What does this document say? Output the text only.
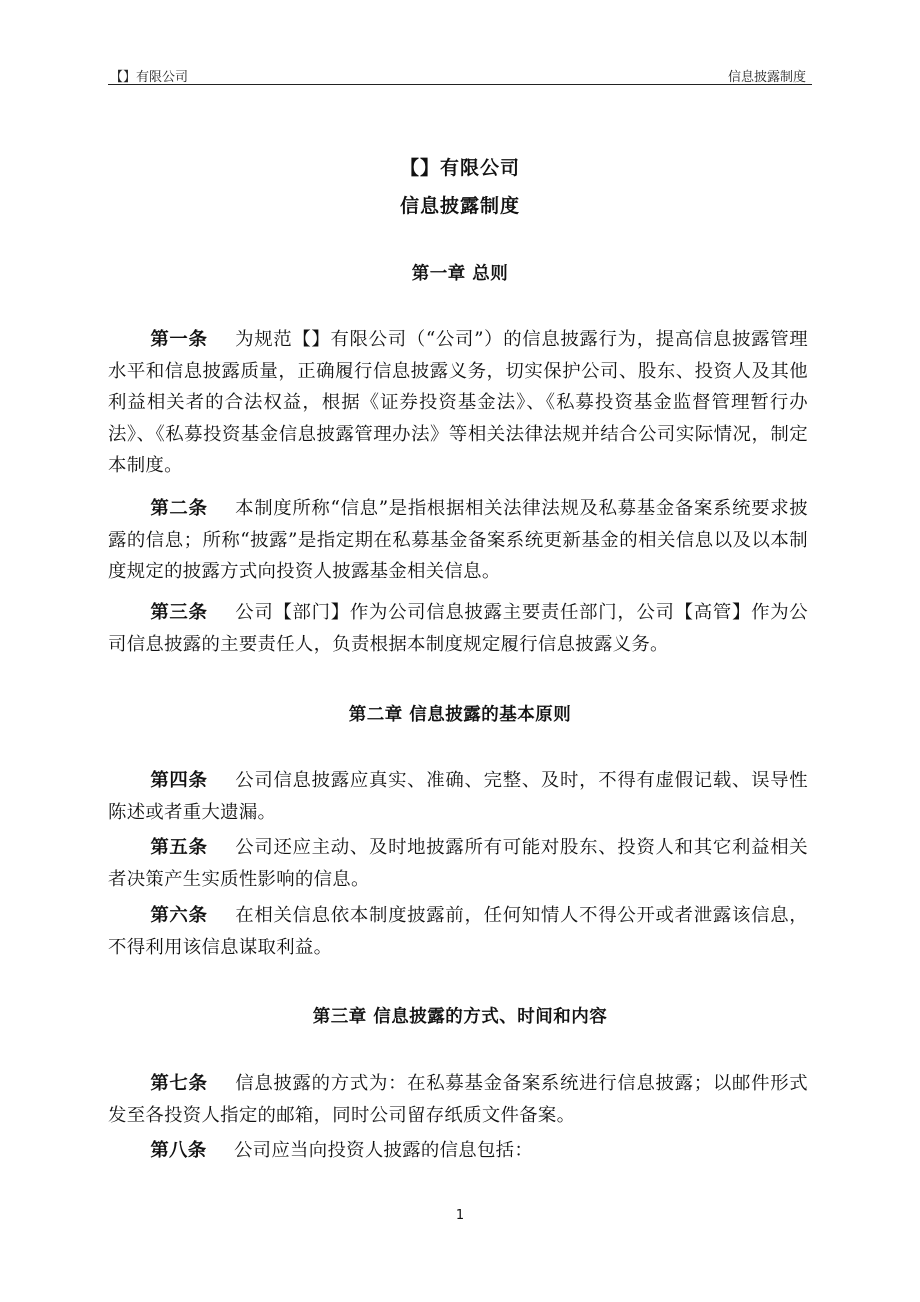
【】有限公司	信息披露制度
【】有限公司
信息披露制度
第一章 总则
第一条 为规范【】有限公司（“公司”）的信息披露行为，提高信息披露管理水平和信息披露质量，正确履行信息披露义务，切实保护公司、股东、投资人及其他利益相关者的合法权益，根据《证券投资基金法》、《私募投资基金监督管理暂行办法》、《私募投资基金信息披露管理办法》等相关法律法规并结合公司实际情况，制定本制度。
第二条 本制度所称“信息”是指根据相关法律法规及私募基金备案系统要求披露的信息；所称“披露”是指定期在私募基金备案系统更新基金的相关信息以及以本制度规定的披露方式向投资人披露基金相关信息。
第三条 公司【部门】作为公司信息披露主要责任部门，公司【高管】作为公司信息披露的主要责任人，负责根据本制度规定履行信息披露义务。
第二章 信息披露的基本原则
第四条 公司信息披露应真实、准确、完整、及时，不得有虚假记载、误导性陈述或者重大遗漏。
第五条 公司还应主动、及时地披露所有可能对股东、投资人和其它利益相关者决策产生实质性影响的信息。
第六条 在相关信息依本制度披露前，任何知情人不得公开或者泄露该信息，不得利用该信息谋取利益。
第三章 信息披露的方式、时间和内容
第七条 信息披露的方式为：在私募基金备案系统进行信息披露；以邮件形式发至各投资人指定的邮箱，同时公司留存纸质文件备案。
第八条 公司应当向投资人披露的信息包括：
1
